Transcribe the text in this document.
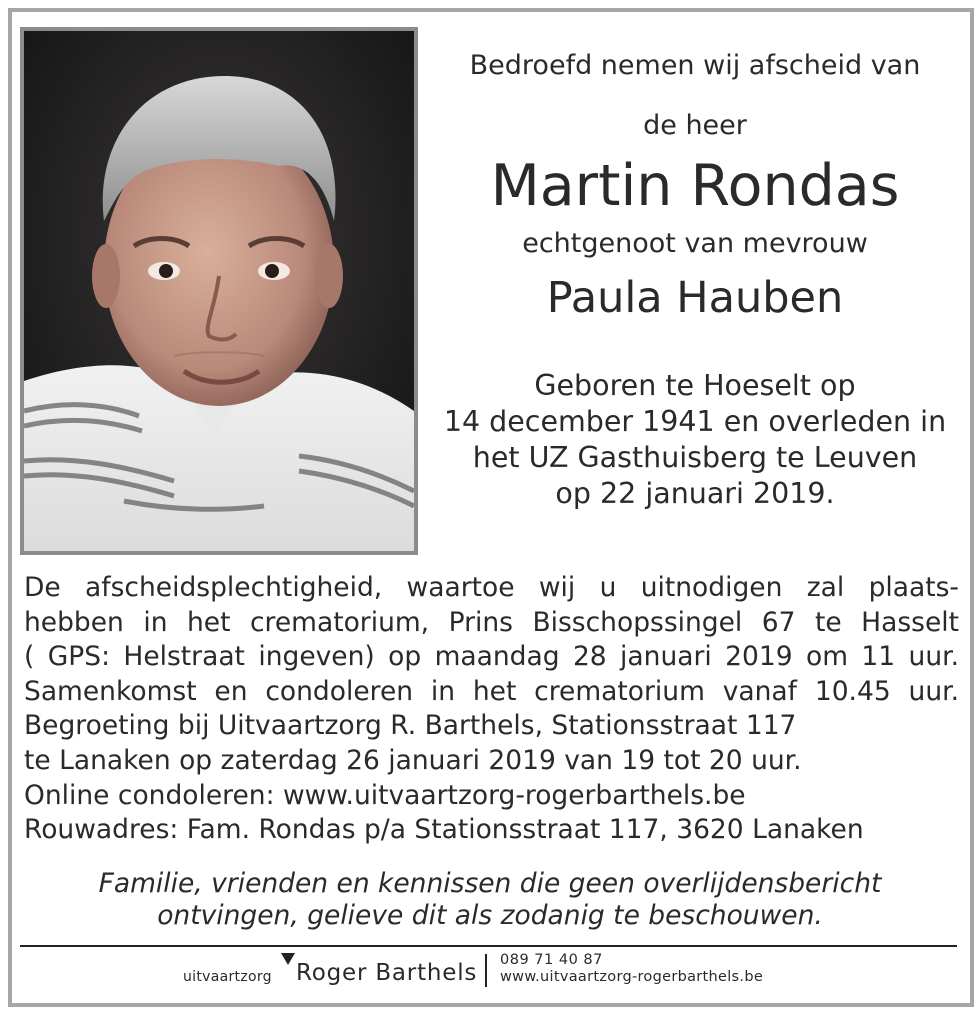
Bedroefd nemen wij afscheid van
de heer
Martin Rondas
echtgenoot van mevrouw
Paula Hauben
Geboren te Hoeselt op
14 december 1941 en overleden in
het UZ Gasthuisberg te Leuven
op 22 januari 2019.
De afscheidsplechtigheid, waartoe wij u uitnodigen zal plaats-
hebben in het crematorium, Prins Bisschopssingel 67 te Hasselt
( GPS: Helstraat ingeven) op maandag 28 januari 2019 om 11 uur.
Samenkomst en condoleren in het crematorium vanaf 10.45 uur.
Begroeting bij Uitvaartzorg R. Barthels, Stationsstraat 117
te Lanaken op zaterdag 26 januari 2019 van 19 tot 20 uur.
Online condoleren: www.uitvaartzorg-rogerbarthels.be
Rouwadres: Fam. Rondas p/a Stationsstraat 117, 3620 Lanaken
Familie, vrienden en kennissen die geen overlijdensbericht
ontvingen, gelieve dit als zodanig te beschouwen.
uitvaartzorg Roger Barthels 089 71 40 87
www.uitvaartzorg-rogerbarthels.be
